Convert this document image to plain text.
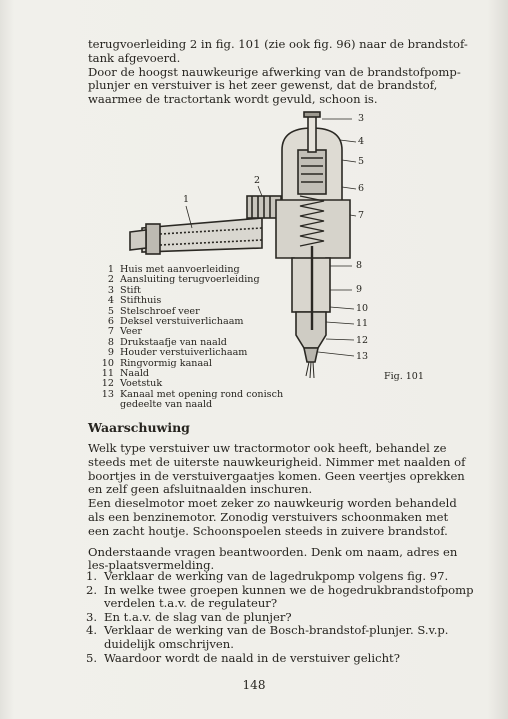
terugvoerleiding 2 in fig. 101 (zie ook fig. 96) naar de brandstof-tank afgevoerd.

Door de hoogst nauwkeurige afwerking van de brandstofpomp-plunjer en verstuiver is het zeer gewenst, dat de brandstof, waarmee de tractortank wordt gevuld, schoon is.

1
2
3
4
5
6
7
8
9
10
11
12
13
1 Huis met aanvoerleiding
2 Aansluiting terugvoerleiding
3 Stift
4 Stifthuis
5 Stelschroef veer
6 Deksel verstuiverlichaam
7 Veer
8 Drukstaafje van naald
9 Houder verstuiverlichaam
10 Ringvormig kanaal
11 Naald
12 Voetstuk
13 Kanaal met opening rond conisch gedeelte van naald
Fig. 101
Waarschuwing

Welk type verstuiver uw tractormotor ook heeft, behandel ze steeds met de uiterste nauwkeurigheid. Nimmer met naalden of boortjes in de verstuivergaatjes komen. Geen veertjes oprekken en zelf geen afsluitnaalden inschuren.

Een dieselmotor moet zeker zo nauwkeurig worden behandeld als een benzinemotor. Zonodig verstuivers schoonmaken met een zacht houtje. Schoonspoelen steeds in zuivere brandstof.

Onderstaande vragen beantwoorden. Denk om naam, adres en les-plaatsvermelding.

1. Verklaar de werking van de lagedrukpomp volgens fig. 97.
2. In welke twee groepen kunnen we de hogedrukbrandstofpomp verdelen t.a.v. de regulateur?
3. En t.a.v. de slag van de plunjer?
4. Verklaar de werking van de Bosch-brandstof-plunjer. S.v.p. duidelijk omschrijven.
5. Waardoor wordt de naald in de verstuiver gelicht?
148
